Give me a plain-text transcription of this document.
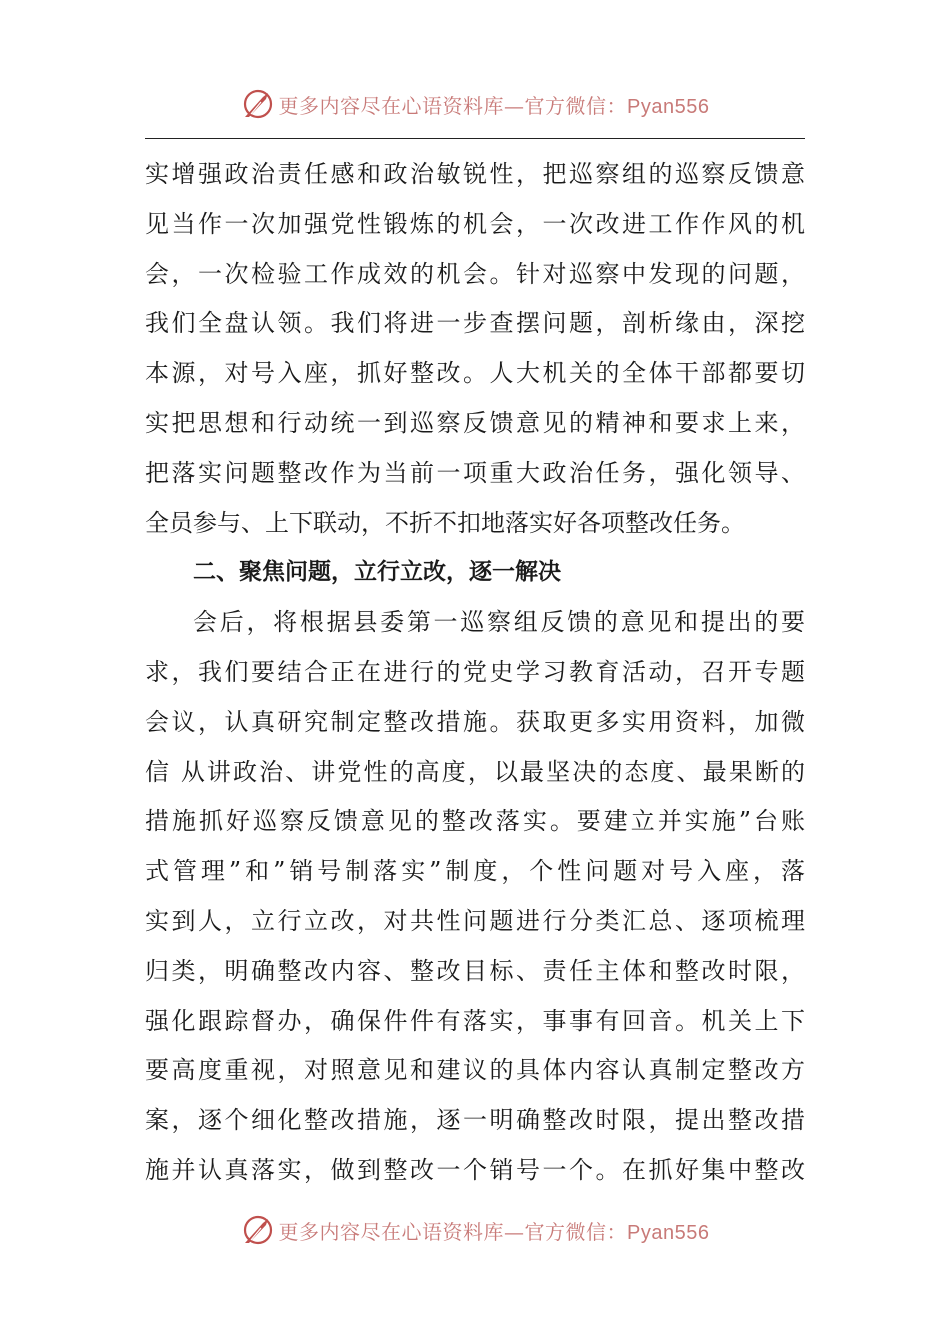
更多内容尽在心语资料库—官方微信：Pyan556
实增强政治责任感和政治敏锐性，把巡察组的巡察反馈意
见当作一次加强党性锻炼的机会，一次改进工作作风的机
会，一次检验工作成效的机会。针对巡察中发现的问题，
我们全盘认领。我们将进一步查摆问题，剖析缘由，深挖
本源，对号入座，抓好整改。人大机关的全体干部都要切
实把思想和行动统一到巡察反馈意见的精神和要求上来，
把落实问题整改作为当前一项重大政治任务，强化领导、
全员参与、上下联动，不折不扣地落实好各项整改任务。
二、聚焦问题，立行立改，逐一解决
会后，将根据县委第一巡察组反馈的意见和提出的要
求，我们要结合正在进行的党史学习教育活动，召开专题
会议，认真研究制定整改措施。获取更多实用资料，加微
信 从讲政治、讲党性的高度，以最坚决的态度、最果断的
措施抓好巡察反馈意见的整改落实。要建立并实施”台账
式管理”和”销号制落实”制度，个性问题对号入座，落
实到人，立行立改，对共性问题进行分类汇总、逐项梳理
归类，明确整改内容、整改目标、责任主体和整改时限，
强化跟踪督办，确保件件有落实，事事有回音。机关上下
要高度重视，对照意见和建议的具体内容认真制定整改方
案，逐个细化整改措施，逐一明确整改时限，提出整改措
施并认真落实，做到整改一个销号一个。在抓好集中整改
更多内容尽在心语资料库—官方微信：Pyan556
